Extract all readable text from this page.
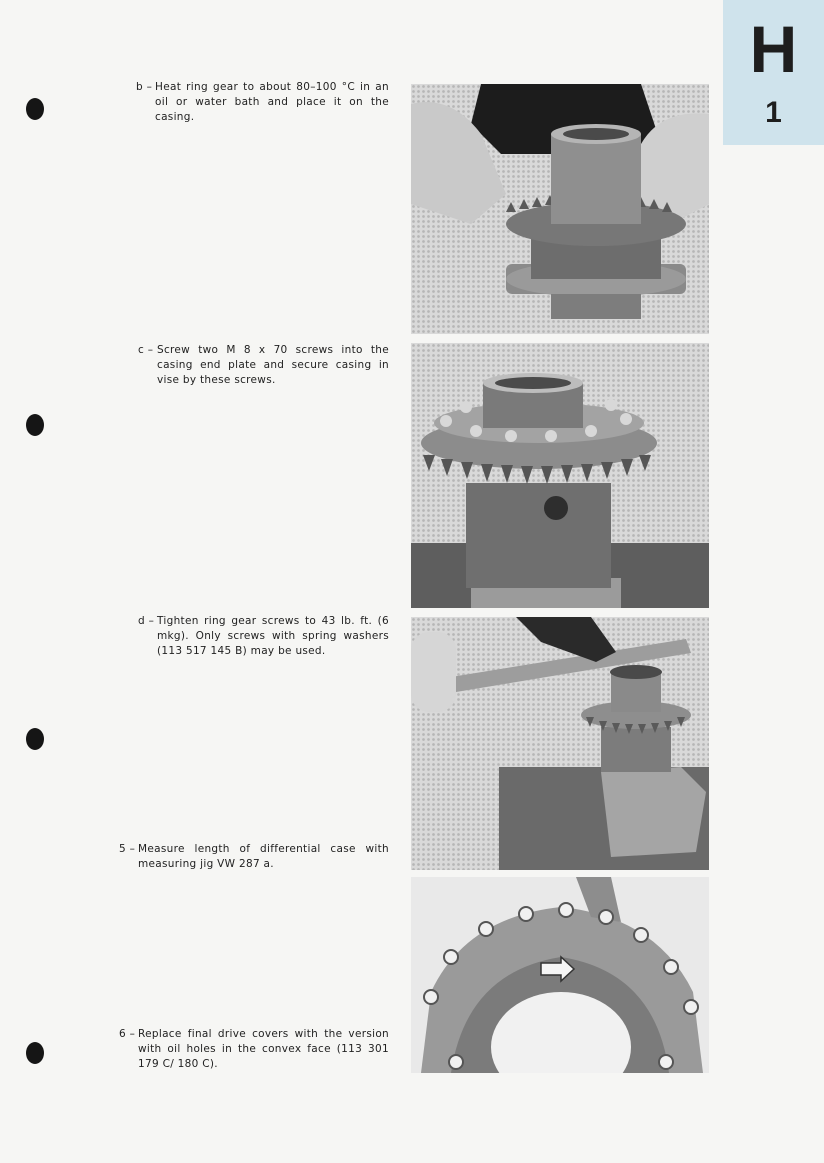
H
1
b – Heat ring gear to about 80–100 °C in an oil or water bath and place it on the casing.
c – Screw two M 8 x 70 screws into the casing end plate and secure casing in vise by these screws.
d – Tighten ring gear screws to 43 lb. ft. (6 mkg). Only screws with spring washers (113 517 145 B) may be used.
5 – Measure length of differential case with measuring jig VW 287 a.
6 – Replace final drive covers with the version with oil holes in the convex face (113 301 179 C/ 180 C).
